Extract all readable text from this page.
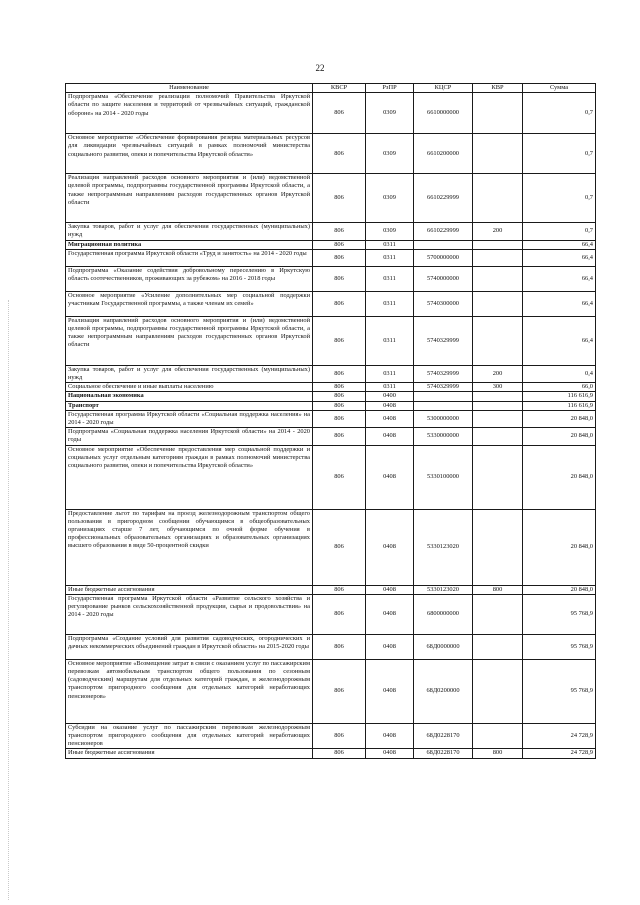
22
Наименование	КВСР	РзПР	КЦСР	КВР	Сумма
Подпрограмма «Обеспечение реализации полномочий Правительства Иркутской области по защите населения и территорий от чрезвычайных ситуаций, гражданской обороне» на 2014 - 2020 годы	806	0309	6610000000		0,7
Основное мероприятие «Обеспечение формирования резерва материальных ресурсов для ликвидации чрезвычайных ситуаций в рамках полномочий министерства социального развития, опеки и попечительства Иркутской области»	806	0309	6610200000		0,7
Реализация направлений расходов основного мероприятия и (или) ведомственной целевой программы, подпрограммы государственной программы Иркутской области, а также непрограммным направлениям расходов государственных органов Иркутской области	806	0309	6610229999		0,7
Закупка товаров, работ и услуг для обеспечения государственных (муниципальных) нужд	806	0309	6610229999	200	0,7
Миграционная политика	806	0311			66,4
Государственная программа Иркутской области «Труд и занятость» на 2014 - 2020 годы	806	0311	5700000000		66,4
Подпрограмма «Оказание содействия добровольному переселению в Иркутскую область соотечественников, проживающих за рубежом» на 2016 - 2018 годы	806	0311	5740000000		66,4
Основное мероприятие «Усиление дополнительных мер социальной поддержки участникам Государственной программы, а также членам их семей»	806	0311	5740300000		66,4
Реализация направлений расходов основного мероприятия и (или) ведомственной целевой программы, подпрограммы государственной программы Иркутской области, а также непрограммным направлениям расходов государственных органов Иркутской области	806	0311	5740329999		66,4
Закупка товаров, работ и услуг для обеспечения государственных (муниципальных) нужд	806	0311	5740329999	200	0,4
Социальное обеспечение и иные выплаты населению	806	0311	5740329999	300	66,0
Национальная экономика	806	0400			116 616,9
Транспорт	806	0408			116 616,9
Государственная программа Иркутской области «Социальная поддержка населения» на 2014 - 2020 годы	806	0408	5300000000		20 848,0
Подпрограмма «Социальная поддержка населения Иркутской области» на 2014 - 2020 годы	806	0408	5330000000		20 848,0
Основное мероприятие «Обеспечение предоставления мер социальной поддержки и социальных услуг отдельным категориям граждан в рамках полномочий министерства социального развития, опеки и попечительства Иркутской области»	806	0408	5330100000		20 848,0
Предоставление льгот по тарифам на проезд железнодорожным транспортом общего пользования в пригородном сообщении обучающимся в общеобразовательных организациях старше 7 лет, обучающимся по очной форме обучения в профессиональных образовательных организациях и образовательных организациях высшего образования в виде 50-процентной скидки	806	0408	5330123020		20 848,0
Иные бюджетные ассигнования	806	0408	5330123020	800	20 848,0
Государственная программа Иркутской области «Развитие сельского хозяйства и регулирование рынков сельскохозяйственной продукции, сырья и продовольствия» на 2014 - 2020 годы	806	0408	6800000000		95 768,9
Подпрограмма «Создание условий для развития садоводческих, огороднических и дачных некоммерческих объединений граждан в Иркутской области» на 2015-2020 годы	806	0408	68Д0000000		95 768,9
Основное мероприятие «Возмещение затрат в связи с оказанием услуг по пассажирским перевозкам автомобильным транспортом общего пользования по сезонным (садоводческим) маршрутам для отдельных категорий граждан, и железнодорожным транспортом пригородного сообщения для отдельных категорий неработающих пенсионеров»	806	0408	68Д0200000		95 768,9
Субсидии на оказание услуг по пассажирским перевозкам железнодорожным транспортом пригородного сообщения для отдельных категорий неработающих пенсионеров	806	0408	68Д0228170		24 728,9
Иные бюджетные ассигнования	806	0408	68Д0228170	800	24 728,9
